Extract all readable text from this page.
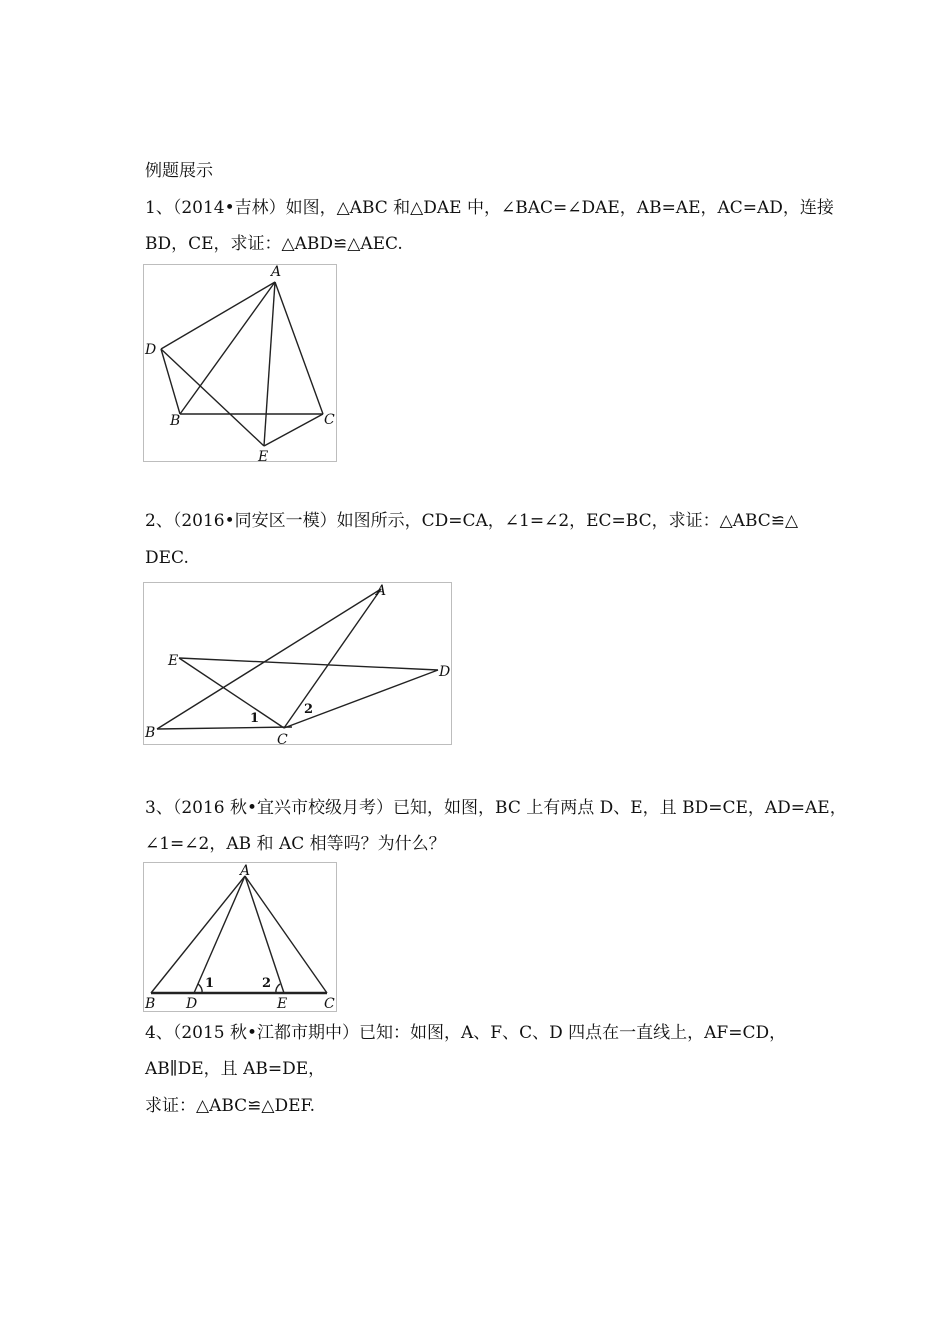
例题展示
1、（2014•吉林）如图，△ABC 和△DAE 中，∠BAC=∠DAE，AB=AE，AC=AD，连接
BD，CE，求证：△ABD≌△AEC.
A
D
B	C
E
2、（2016•同安区一模）如图所示，CD=CA，∠1=∠2，EC=BC，求证：△ABC≌△
DEC.
A
E
D
B	C
1
2
3、（2016 秋•宜兴市校级月考）已知，如图，BC 上有两点 D、E，且 BD=CE，AD=AE，
∠1=∠2，AB 和 AC 相等吗？为什么？
A
B D	E	C
1	2
4、（2015 秋•江都市期中）已知：如图，A、F、C、D 四点在一直线上，AF=CD，
AB∥DE，且 AB=DE，
求证：△ABC≌△DEF.
